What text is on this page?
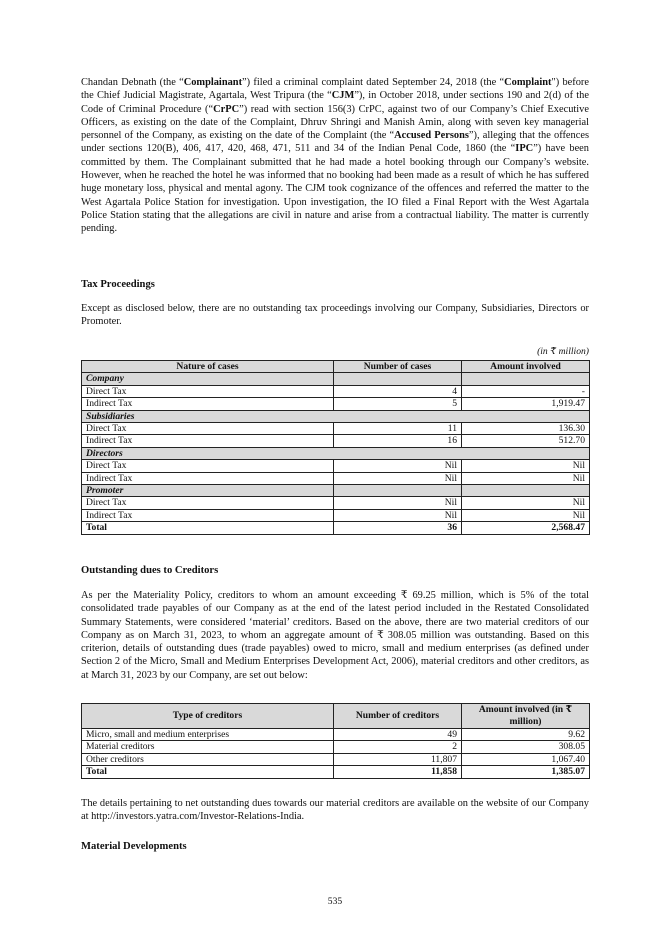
Chandan Debnath (the “Complainant”) filed a criminal complaint dated September 24, 2018 (the “Complaint") before the Chief Judicial Magistrate, Agartala, West Tripura (the “CJM”), in October 2018, under sections 190 and 2(d) of the Code of Criminal Procedure (“CrPC”) read with section 156(3) CrPC, against two of our Company’s Chief Executive Officers, as existing on the date of the Complaint, Dhruv Shringi and Manish Amin, along with seven key managerial personnel of the Company, as existing on the date of the Complaint (the “Accused Persons”), alleging that the offences under sections 120(B), 406, 417, 420, 468, 471, 511 and 34 of the Indian Penal Code, 1860 (the “IPC”) have been committed by them. The Complainant submitted that he had made a hotel booking through our Company’s website. However, when he reached the hotel he was informed that no booking had been made as a result of which he has suffered huge monetary loss, physical and mental agony. The CJM took cognizance of the offences and referred the matter to the West Agartala Police Station for investigation. Upon investigation, the IO filed a Final Report with the West Agartala Police Station stating that the allegations are civil in nature and arise from a contractual liability. The matter is currently pending.

Tax Proceedings

Except as disclosed below, there are no outstanding tax proceedings involving our Company, Subsidiaries, Directors or Promoter.

(in ₹ million)
Nature of cases	Number of cases	Amount involved
Company		
Direct Tax	4	-
Indirect Tax	5	1,919.47
Subsidiaries		
Direct Tax	11	136.30
Indirect Tax	16	512.70
Directors		
Direct Tax	Nil	Nil
Indirect Tax	Nil	Nil
Promoter		
Direct Tax	Nil	Nil
Indirect Tax	Nil	Nil
Total	36	2,568.47
Outstanding dues to Creditors

As per the Materiality Policy, creditors to whom an amount exceeding ₹ 69.25 million, which is 5% of the total consolidated trade payables of our Company as at the end of the latest period included in the Restated Consolidated Summary Statements, were considered ‘material’ creditors. Based on the above, there are two material creditors of our Company as on March 31, 2023, to whom an aggregate amount of ₹ 308.05 million was outstanding. Based on this criterion, details of outstanding dues (trade payables) owed to micro, small and medium enterprises (as defined under Section 2 of the Micro, Small and Medium Enterprises Development Act, 2006), material creditors and other creditors, as at March 31, 2023 by our Company, are set out below:

Type of creditors	Number of creditors	Amount involved (in ₹ million)
Micro, small and medium enterprises	49	9.62
Material creditors	2	308.05
Other creditors	11,807	1,067.40
Total	11,858	1,385.07

The details pertaining to net outstanding dues towards our material creditors are available on the website of our Company at http://investors.yatra.com/Investor-Relations-India.

Material Developments
535
